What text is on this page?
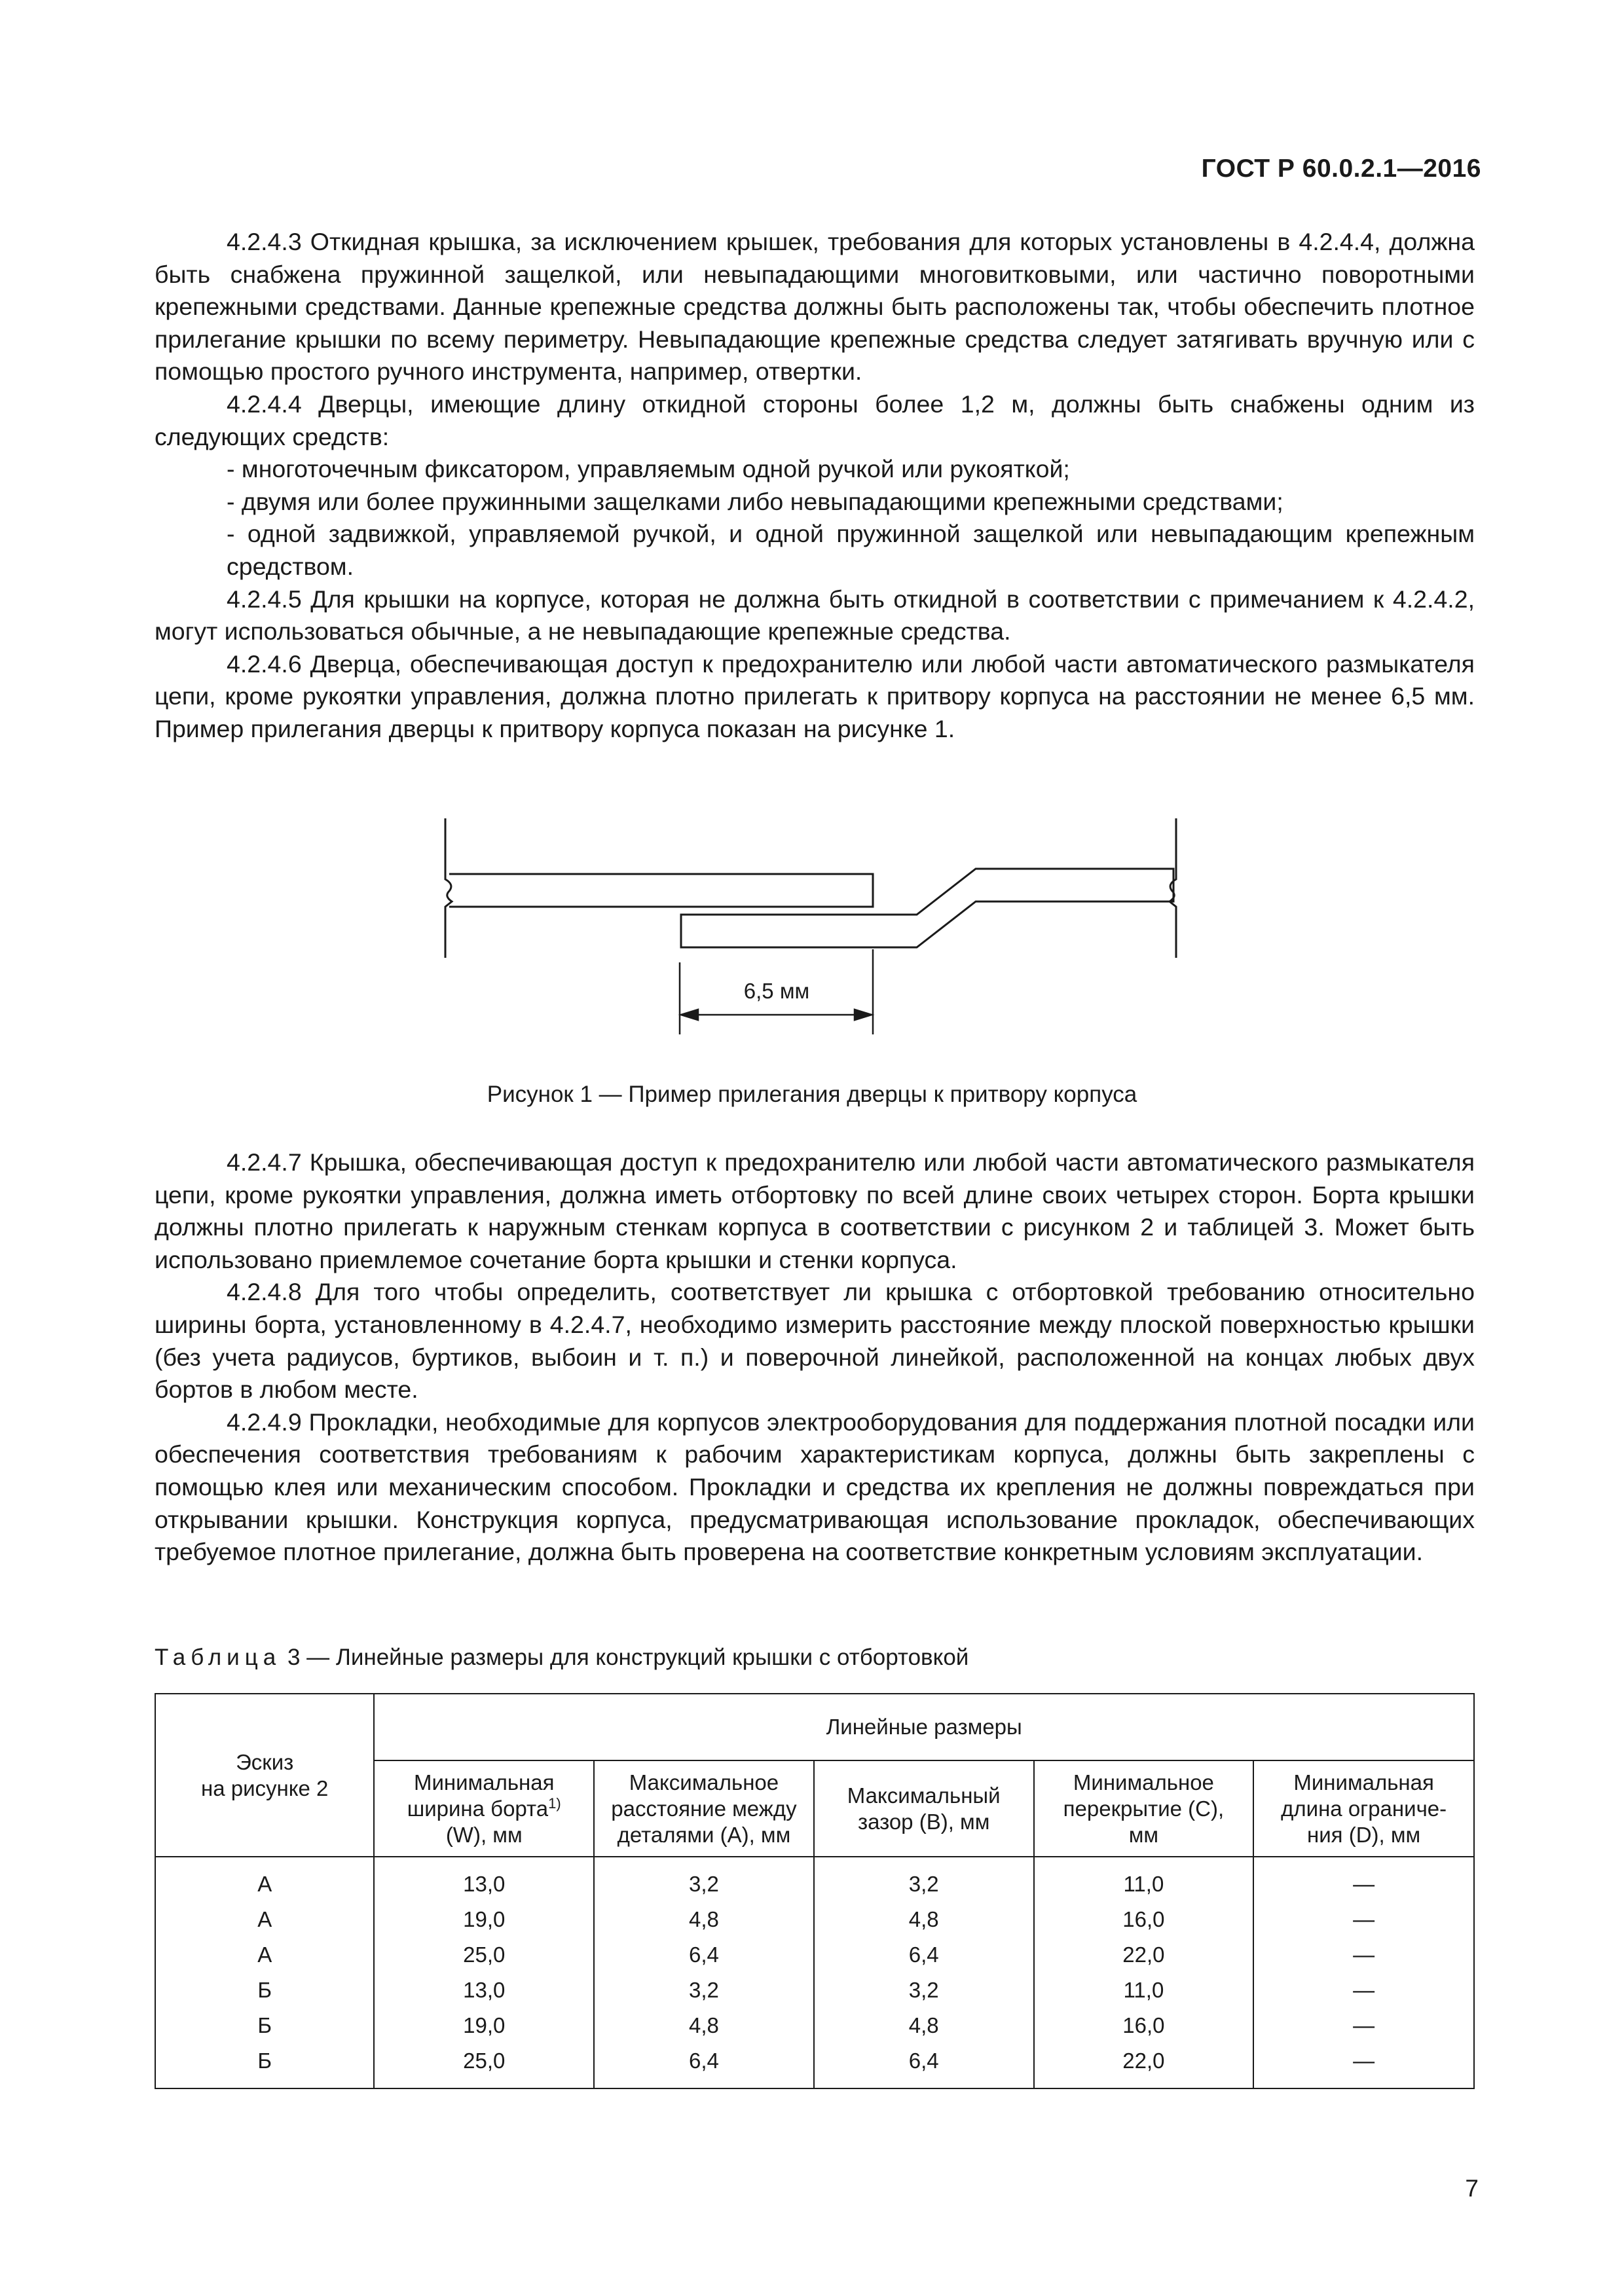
ГОСТ Р 60.0.2.1—2016

4.2.4.3 Откидная крышка, за исключением крышек, требования для которых установлены в 4.2.4.4, должна быть снабжена пружинной защелкой, или невыпадающими многовитковыми, или частично поворотными крепежными средствами. Данные крепежные средства должны быть расположены так, чтобы обеспечить плотное прилегание крышки по всему периметру. Невыпадающие крепежные средства следует затягивать вручную или с помощью простого ручного инструмента, например, отвертки.

4.2.4.4 Дверцы, имеющие длину откидной стороны более 1,2 м, должны быть снабжены одним из следующих средств:

- многоточечным фиксатором, управляемым одной ручкой или рукояткой;

- двумя или более пружинными защелками либо невыпадающими крепежными средствами;

- одной задвижкой, управляемой ручкой, и одной пружинной защелкой или невыпадающим крепежным средством.

4.2.4.5 Для крышки на корпусе, которая не должна быть откидной в соответствии с примечанием к 4.2.4.2, могут использоваться обычные, а не невыпадающие крепежные средства.

4.2.4.6 Дверца, обеспечивающая доступ к предохранителю или любой части автоматического размыкателя цепи, кроме рукоятки управления, должна плотно прилегать к притвору корпуса на расстоянии не менее 6,5 мм. Пример прилегания дверцы к притвору корпуса показан на рисунке 1.

6,5 мм
Рисунок 1 — Пример прилегания дверцы к притвору корпуса

4.2.4.7 Крышка, обеспечивающая доступ к предохранителю или любой части автоматического размыкателя цепи, кроме рукоятки управления, должна иметь отбортовку по всей длине своих четырех сторон. Борта крышки должны плотно прилегать к наружным стенкам корпуса в соответствии с рисунком 2 и таблицей 3. Может быть использовано приемлемое сочетание борта крышки и стенки корпуса.

4.2.4.8 Для того чтобы определить, соответствует ли крышка с отбортовкой требованию относительно ширины борта, установленному в 4.2.4.7, необходимо измерить расстояние между плоской поверхностью крышки (без учета радиусов, буртиков, выбоин и т. п.) и поверочной линейкой, расположенной на концах любых двух бортов в любом месте.

4.2.4.9 Прокладки, необходимые для корпусов электрооборудования для поддержания плотной посадки или обеспечения соответствия требованиям к рабочим характеристикам корпуса, должны быть закреплены с помощью клея или механическим способом. Прокладки и средства их крепления не должны повреждаться при открывании крышки. Конструкция корпуса, предусматривающая использование прокладок, обеспечивающих требуемое плотное прилегание, должна быть проверена на соответствие конкретным условиям эксплуатации.

Таблица 3 — Линейные размеры для конструкций крышки с отбортовкой
Эскиз
на рисунке 2	Линейные размеры				
	Минимальная
ширина борта$^{1)}$
(W), мм	Максимальное
расстояние между
деталями (A), мм	Максимальный
зазор (B), мм	Минимальное
перекрытие (C),
мм	Минимальная
длина ограниче-
ния (D), мм
А	13,0	3,2	3,2	11,0	—
А	19,0	4,8	4,8	16,0	—
А	25,0	6,4	6,4	22,0	—
Б	13,0	3,2	3,2	11,0	—
Б	19,0	4,8	4,8	16,0	—
Б	25,0	6,4	6,4	22,0	—
7
